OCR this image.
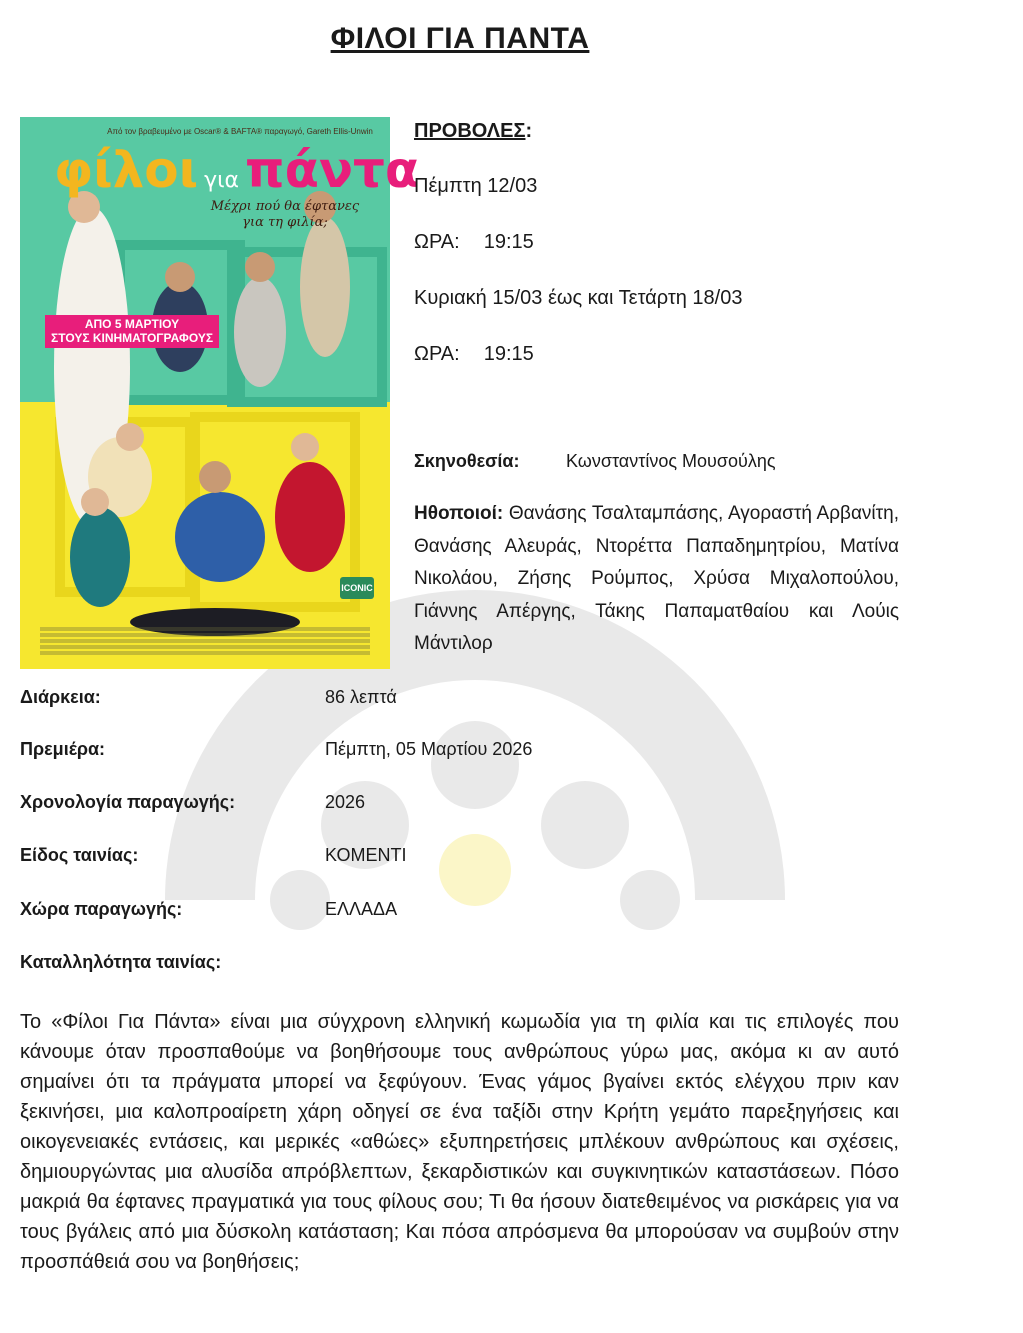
ΦΙΛΟΙ ΓΙΑ ΠΑΝΤΑ
Από τον βραβευμένο με Oscar® & BAFTA® παραγωγό, Gareth Ellis-Unwin
φίλοι για πάντα
Μέχρι πού θα έφτανες για τη φιλία;
ΑΠΟ 5 ΜΑΡΤΙΟΥ
ΣΤΟΥΣ ΚΙΝΗΜΑΤΟΓΡΑΦΟΥΣ
ICONIC
ΠΡΟΒΟΛΕΣ:
Πέμπτη 12/03
ΩΡΑ: 19:15
Κυριακή 15/03 έως και Τετάρτη 18/03
ΩΡΑ: 19:15
Σκηνοθεσία:	Κωνσταντίνος Μουσούλης
Ηθοποιοί: Θανάσης Τσαλταμπάσης, Αγοραστή Αρβανίτη, Θανάσης Αλευράς, Ντορέττα Παπαδημητρίου, Ματίνα Νικολάου, Ζήσης Ρούμπος, Χρύσα Μιχαλοπούλου, Γιάννης Απέργης, Τάκης Παπαματθαίου και Λούις Μάντιλορ
Διάρκεια:	86 λεπτά
Πρεμιέρα:	Πέμπτη, 05 Μαρτίου 2026
Χρονολογία παραγωγής:	2026
Είδος ταινίας:	ΚΟΜΕΝΤΙ
Χώρα παραγωγής:	ΕΛΛΑΔΑ
Καταλληλότητα ταινίας:
Το «Φίλοι Για Πάντα» είναι μια σύγχρονη ελληνική κωμωδία για τη φιλία και τις επιλογές που κάνουμε όταν προσπαθούμε να βοηθήσουμε τους ανθρώπους γύρω μας, ακόμα κι αν αυτό σημαίνει ότι τα πράγματα μπορεί να ξεφύγουν. Ένας γάμος βγαίνει εκτός ελέγχου πριν καν ξεκινήσει, μια καλοπροαίρετη χάρη οδηγεί σε ένα ταξίδι στην Κρήτη γεμάτο παρεξηγήσεις και οικογενειακές εντάσεις, και μερικές «αθώες» εξυπηρετήσεις μπλέκουν ανθρώπους και σχέσεις, δημιουργώντας μια αλυσίδα απρόβλεπτων, ξεκαρδιστικών και συγκινητικών καταστάσεων. Πόσο μακριά θα έφτανες πραγματικά για τους φίλους σου; Τι θα ήσουν διατεθειμένος να ρισκάρεις για να τους βγάλεις από μια δύσκολη κατάσταση; Και πόσα απρόσμενα θα μπορούσαν να συμβούν στην προσπάθειά σου να βοηθήσεις;
